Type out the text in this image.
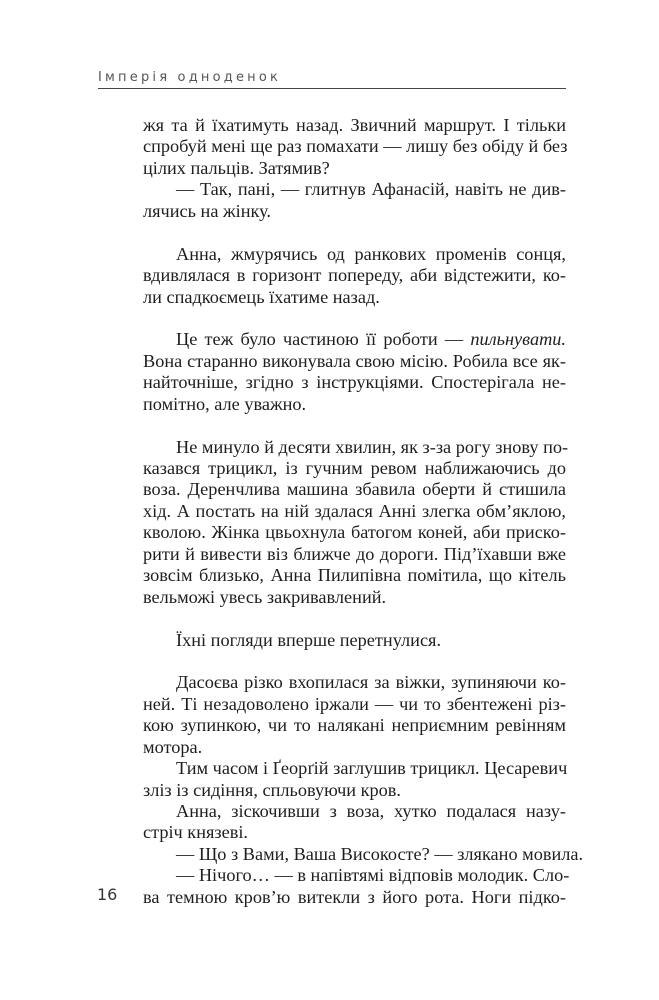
Імперія одноденок
жя та й їхатимуть назад. Звичний маршрут. І тільки
спробуй мені ще раз помахати — лишу без обіду й без
цілих пальців. Затямив?
— Так, пані, — глитнув Афанасій, навіть не див-
лячись на жінку.
Анна, жмурячись од ранкових променів сонця,
вдивлялася в горизонт попереду, аби відстежити, ко-
ли спадкоємець їхатиме назад.
Це теж було частиною її роботи — пильнувати.
Вона старанно виконувала свою місію. Робила все як-
найточніше, згідно з інструкціями. Спостерігала не-
помітно, але уважно.
Не минуло й десяти хвилин, як з-за рогу знову по-
казався трицикл, із гучним ревом наближаючись до
воза. Деренчлива машина збавила оберти й стишила
хід. А постать на ній здалася Анні злегка обм’яклою,
кволою. Жінка цвьохнула батогом коней, аби приско-
рити й вивести віз ближче до дороги. Під’їхавши вже
зовсім близько, Анна Пилипівна помітила, що кітель
вельможі увесь закривавлений.
Їхні погляди вперше перетнулися.
Дасоєва різко вхопилася за віжки, зупиняючи ко-
ней. Ті незадоволено іржали — чи то збентежені різ-
кою зупинкою, чи то налякані неприємним ревінням
мотора.
Тим часом і Ґеорґій заглушив трицикл. Цесаревич
зліз із сидіння, спльовуючи кров.
Анна, зіскочивши з воза, хутко подалася назу-
стріч князеві.
— Що з Вами, Ваша Високосте? — злякано мовила.
— Нічого… — в напівтямі відповів молодик. Сло-
ва темною кров’ю витекли з його рота. Ноги підко-
16
